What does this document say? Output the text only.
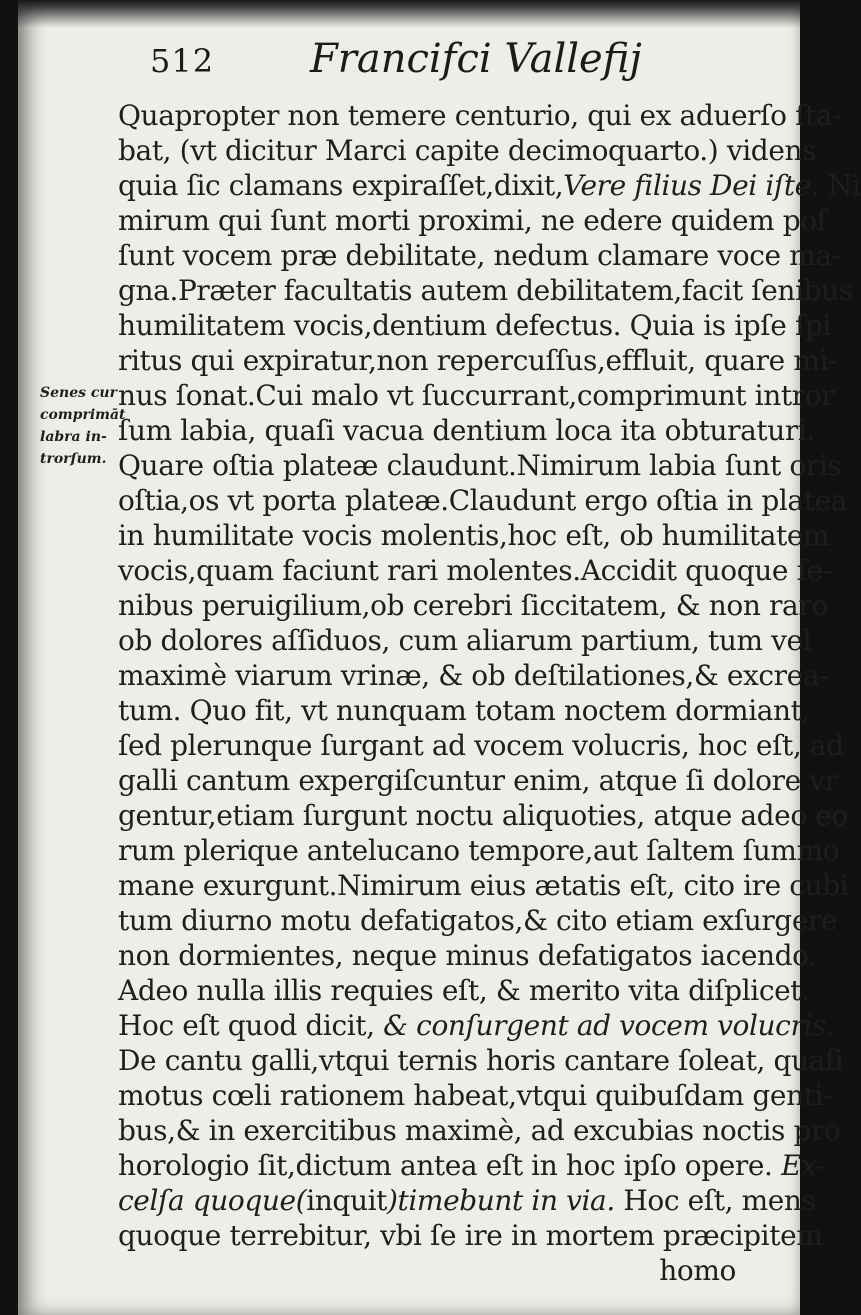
512 Francifci Vallefij
Senes cur
comprimāt
labra in-
trorſum.
Quapropter non temere centurio, qui ex aduerſo ſta-
bat, (vt dicitur Marci capite decimoquarto.) videns
quia ſic clamans expiraſſet,dixit,Vere filius Dei iſte. Ni
mirum qui ſunt morti proximi, ne edere quidem poſ
ſunt vocem præ debilitate, nedum clamare voce ma-
gna.Præter facultatis autem debilitatem,facit ſenibus
humilitatem vocis,dentium defectus. Quia is ipſe ſpi
ritus qui expiratur,non repercuſſus,effluit, quare mi-
nus ſonat.Cui malo vt ſuccurrant,comprimunt intror
ſum labia, quaſi vacua dentium loca ita obturaturi.
Quare oſtia plateæ claudunt.Nimirum labia ſunt oris
oſtia,os vt porta plateæ.Claudunt ergo oſtia in platea
in humilitate vocis molentis,hoc eſt, ob humilitatem
vocis,quam faciunt rari molentes.Accidit quoque ſe-
nibus peruigilium,ob cerebri ſiccitatem, & non raro
ob dolores aſſiduos, cum aliarum partium, tum vel
maximè viarum vrinæ, & ob deſtilationes,& excrea-
tum. Quo fit, vt nunquam totam noctem dormiant,
ſed plerunque ſurgant ad vocem volucris, hoc eſt, ad
galli cantum expergiſcuntur enim, atque ſi dolore vr
gentur,etiam ſurgunt noctu aliquoties, atque adeo eo
rum plerique antelucano tempore,aut ſaltem ſummo
mane exurgunt.Nimirum eius ætatis eſt, cito ire cubi
tum diurno motu defatigatos,& cito etiam exſurgere
non dormientes, neque minus defatigatos iacendo.
Adeo nulla illis requies eſt, & merito vita diſplicet.
Hoc eſt quod dicit, & conſurgent ad vocem volucris.
De cantu galli,vtqui ternis horis cantare ſoleat, quaſi
motus cœli rationem habeat,vtqui quibuſdam genti-
bus,& in exercitibus maximè, ad excubias noctis pro
horologio ſit,dictum antea eſt in hoc ipſo opere. Ex-
celſa quoque(inquit)timebunt in via. Hoc eſt, mens
quoque terrebitur, vbi ſe ire in mortem præcipitem
homo
